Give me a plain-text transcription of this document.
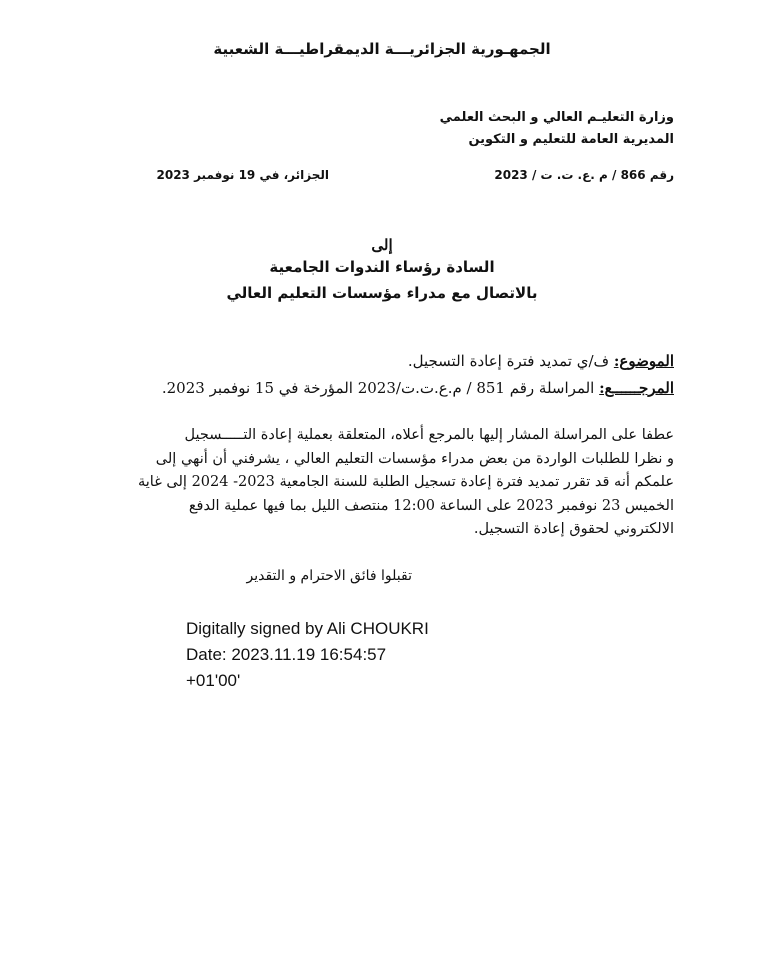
الجمهـورية الجزائريـــة الديمقراطيـــة الشعبية
وزارة التعليـم العالي و البحث العلمي
المديرية العامة للتعليم و التكوين
رقم 866 / م .ع. ت. ت / 2023
الجزائر، في 19 نوفمبر 2023
إلى
السادة رؤساء الندوات الجامعية
بالاتصال مع مدراء مؤسسات التعليم العالي
الموضوع: ف/ي تمديد فترة إعادة التسجيل.
المرجــــــع: المراسلة رقم 851 / م.ع.ت.ت/2023 المؤرخة في 15 نوفمبر 2023.
عطفا على المراسلة المشار إليها بالمرجع أعلاه، المتعلقة بعملية إعادة التـــــسجيل
و نظرا للطلبات الواردة من بعض مدراء مؤسسات التعليم العالي ، يشرفني أن أنهي إلى
علمكم أنه قد تقرر تمديد فترة إعادة تسجيل الطلبة للسنة الجامعية 2023- 2024 إلى غاية
الخميس 23 نوفمبر 2023 على الساعة 12:00 منتصف الليل بما فيها عملية الدفع
الالكتروني لحقوق إعادة التسجيل.
تقبلوا فائق الاحترام و التقدير
Digitally signed by Ali CHOUKRI
Date: 2023.11.19 16:54:57
+01'00'
